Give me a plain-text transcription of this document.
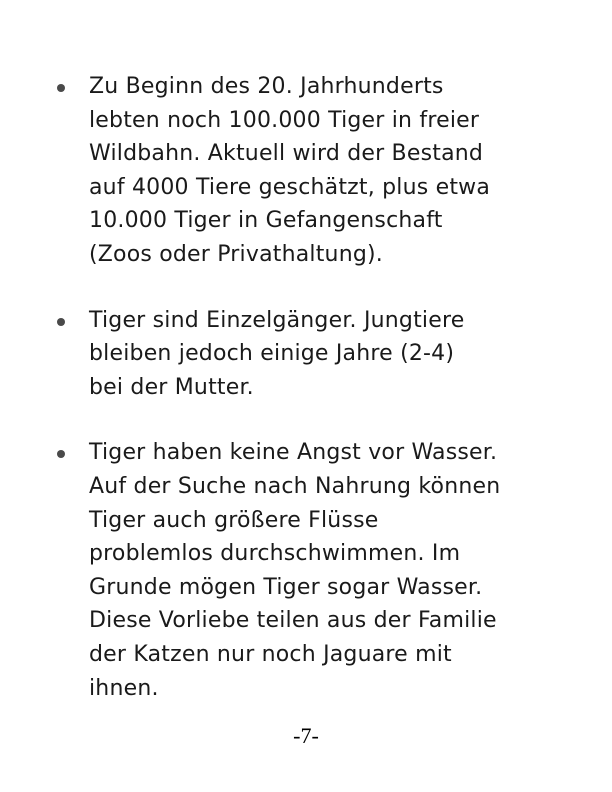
Zu Beginn des 20. Jahrhunderts
lebten noch 100.000 Tiger in freier
Wildbahn. Aktuell wird der Bestand
auf 4000 Tiere geschätzt, plus etwa
10.000 Tiger in Gefangenschaft
(Zoos oder Privathaltung).
Tiger sind Einzelgänger. Jungtiere
bleiben jedoch einige Jahre (2-4)
bei der Mutter.
Tiger haben keine Angst vor Wasser.
Auf der Suche nach Nahrung können
Tiger auch größere Flüsse
problemlos durchschwimmen. Im
Grunde mögen Tiger sogar Wasser.
Diese Vorliebe teilen aus der Familie
der Katzen nur noch Jaguare mit
ihnen.
-7-
